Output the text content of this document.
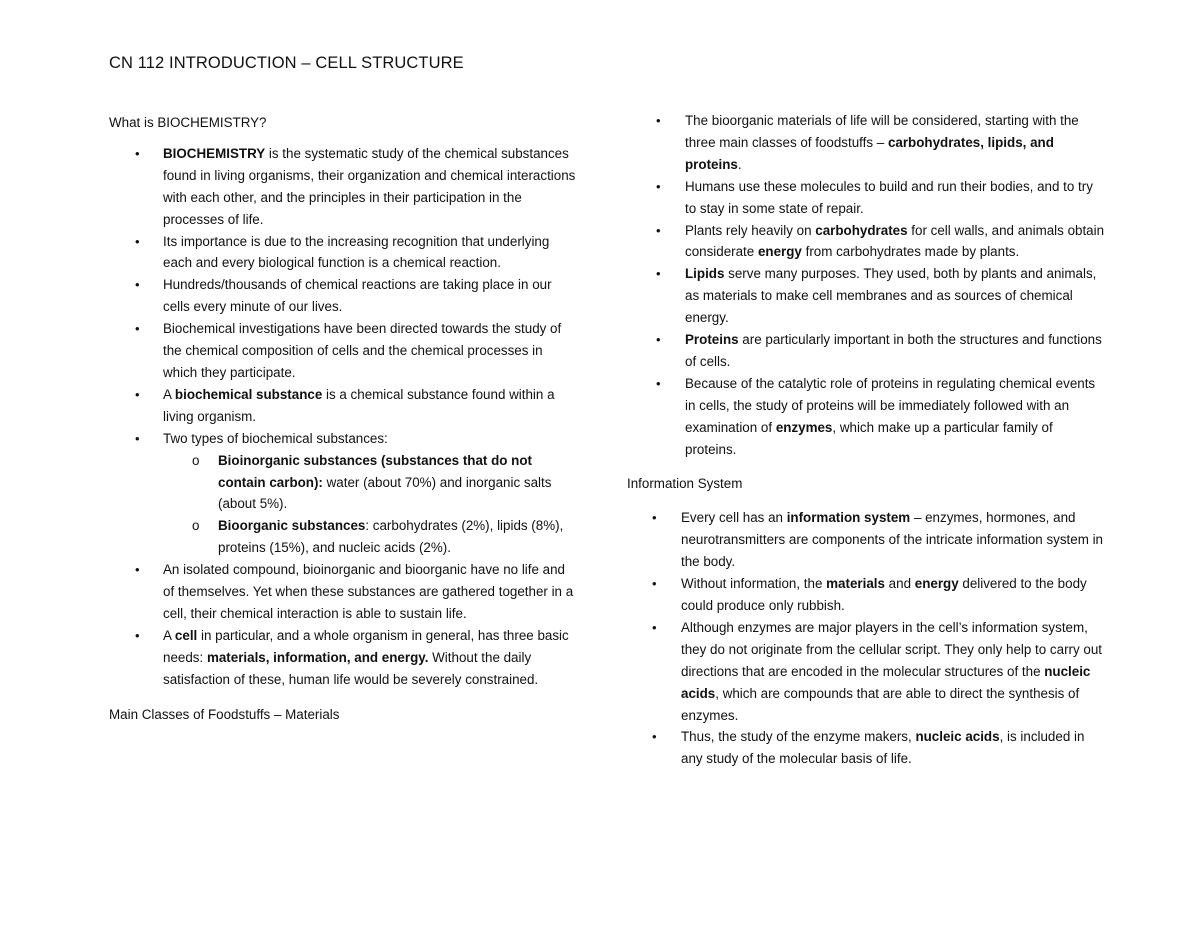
CN 112 INTRODUCTION – CELL STRUCTURE

What is BIOCHEMISTRY?

• BIOCHEMISTRY is the systematic study of the chemical substances found in living organisms, their organization and chemical interactions with each other, and the principles in their participation in the processes of life.
• Its importance is due to the increasing recognition that underlying each and every biological function is a chemical reaction.
• Hundreds/thousands of chemical reactions are taking place in our cells every minute of our lives.
• Biochemical investigations have been directed towards the study of the chemical composition of cells and the chemical processes in which they participate.
• A biochemical substance is a chemical substance found within a living organism.
• Two types of biochemical substances:
o Bioinorganic substances (substances that do not contain carbon): water (about 70%) and inorganic salts (about 5%).
o Bioorganic substances: carbohydrates (2%), lipids (8%), proteins (15%), and nucleic acids (2%).
• An isolated compound, bioinorganic and bioorganic have no life and of themselves. Yet when these substances are gathered together in a cell, their chemical interaction is able to sustain life.
• A cell in particular, and a whole organism in general, has three basic needs: materials, information, and energy. Without the daily satisfaction of these, human life would be severely constrained.

Main Classes of Foodstuffs – Materials

• The bioorganic materials of life will be considered, starting with the three main classes of foodstuffs – carbohydrates, lipids, and proteins.
• Humans use these molecules to build and run their bodies, and to try to stay in some state of repair.
• Plants rely heavily on carbohydrates for cell walls, and animals obtain considerate energy from carbohydrates made by plants.
• Lipids serve many purposes. They used, both by plants and animals, as materials to make cell membranes and as sources of chemical energy.
• Proteins are particularly important in both the structures and functions of cells.
• Because of the catalytic role of proteins in regulating chemical events in cells, the study of proteins will be immediately followed with an examination of enzymes, which make up a particular family of proteins.

Information System

• Every cell has an information system – enzymes, hormones, and neurotransmitters are components of the intricate information system in the body.
• Without information, the materials and energy delivered to the body could produce only rubbish.
• Although enzymes are major players in the cell’s information system, they do not originate from the cellular script. They only help to carry out directions that are encoded in the molecular structures of the nucleic acids, which are compounds that are able to direct the synthesis of enzymes.
• Thus, the study of the enzyme makers, nucleic acids, is included in any study of the molecular basis of life.
